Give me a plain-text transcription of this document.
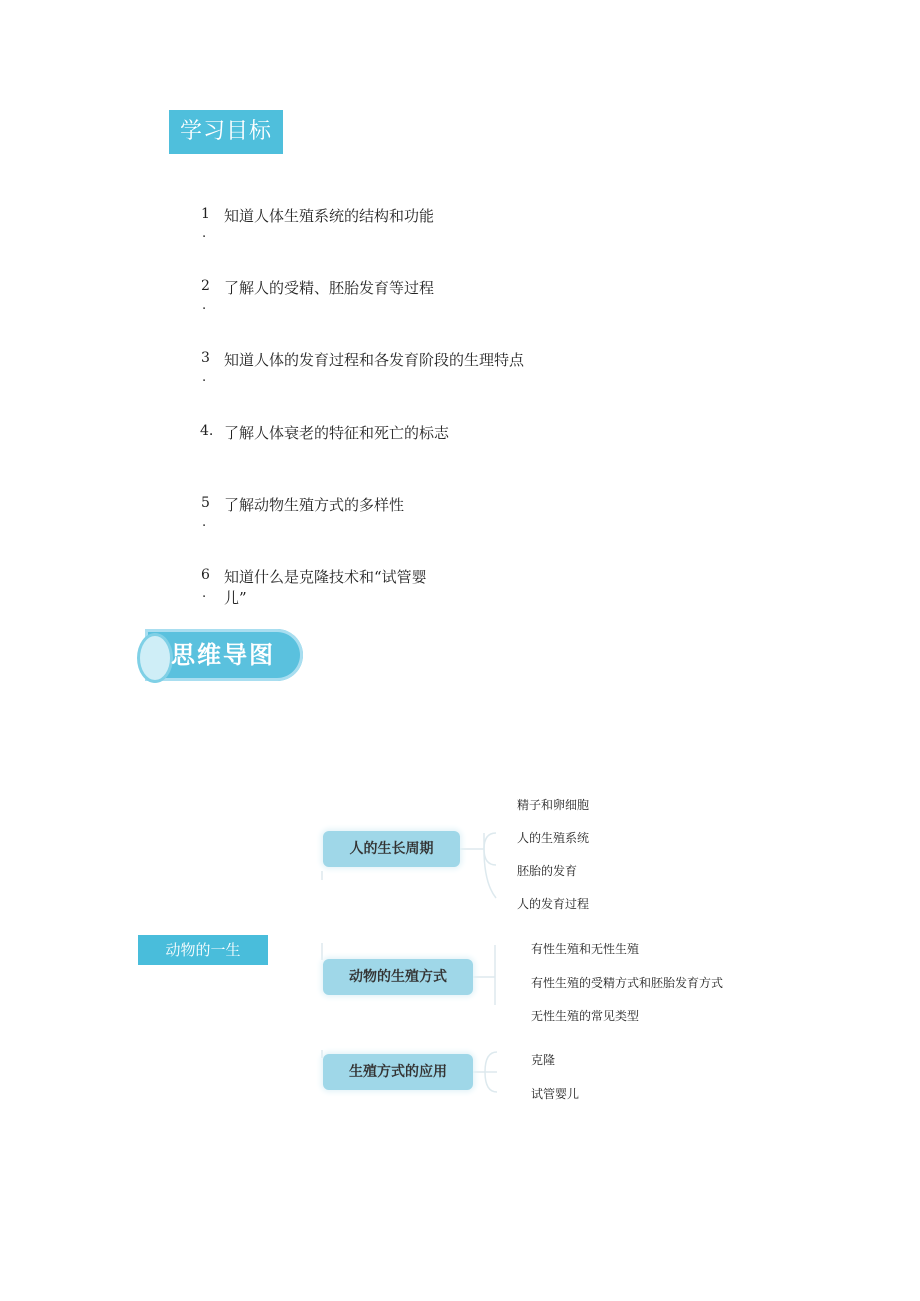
学习目标
1 知道人体生殖系统的结构和功能
.
2 了解人的受精、胚胎发育等过程
.
3 知道人体的发育过程和各发育阶段的生理特点
.
4. 了解人体衰老的特征和死亡的标志
5 了解动物生殖方式的多样性
.
6 知道什么是克隆技术和“试管婴
. 儿”
思维导图
动物的一生
人的生长周期
精子和卵细胞
人的生殖系统
胚胎的发育
人的发育过程
动物的生殖方式
有性生殖和无性生殖
有性生殖的受精方式和胚胎发育方式
无性生殖的常见类型
生殖方式的应用
克隆
试管婴儿
